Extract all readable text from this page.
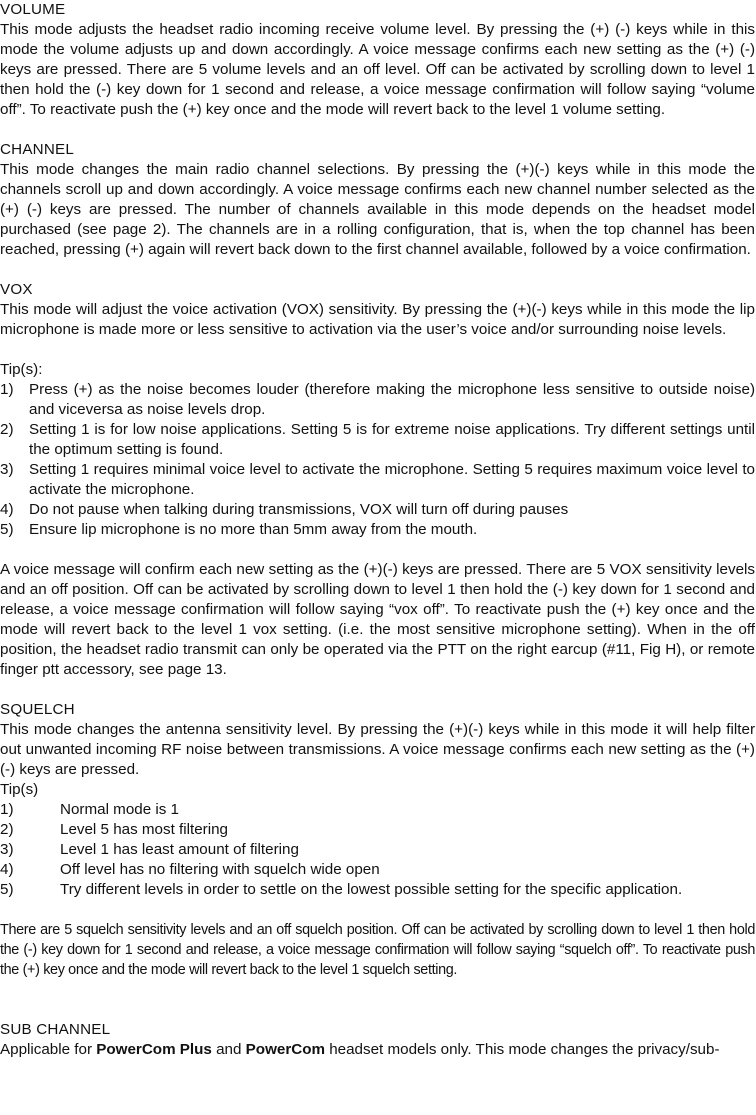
VOLUME

This mode adjusts the headset radio incoming receive volume level. By pressing the (+) (-) keys while in this mode the volume adjusts up and down accordingly. A voice message confirms each new setting as the (+) (-) keys are pressed. There are 5 volume levels and an off level. Off can be activated by scrolling down to level 1 then hold the (-) key down for 1 second and release, a voice message confirmation will follow saying “volume off”. To reactivate push the (+) key once and the mode will revert back to the level 1 volume setting.

CHANNEL

This mode changes the main radio channel selections. By pressing the (+)(-) keys while in this mode the channels scroll up and down accordingly. A voice message confirms each new channel number selected as the (+) (-) keys are pressed. The number of channels available in this mode depends on the headset model purchased (see page 2). The channels are in a rolling configuration, that is, when the top channel has been reached, pressing (+) again will revert back down to the first channel available, followed by a voice confirmation.

VOX

This mode will adjust the voice activation (VOX) sensitivity. By pressing the (+)(-) keys while in this mode the lip microphone is made more or less sensitive to activation via the user’s voice and/or surrounding noise levels.

Tip(s):
1) Press (+) as the noise becomes louder (therefore making the microphone less sensitive to outside noise) and viceversa as noise levels drop.
2) Setting 1 is for low noise applications. Setting 5 is for extreme noise applications. Try different settings until the optimum setting is found.
3) Setting 1 requires minimal voice level to activate the microphone. Setting 5 requires maximum voice level to activate the microphone.
4) Do not pause when talking during transmissions, VOX will turn off during pauses
5) Ensure lip microphone is no more than 5mm away from the mouth.

A voice message will confirm each new setting as the (+)(-) keys are pressed. There are 5 VOX sensitivity levels and an off position. Off can be activated by scrolling down to level 1 then hold the (-) key down for 1 second and release, a voice message confirmation will follow saying “vox off”. To reactivate push the (+) key once and the mode will revert back to the level 1 vox setting. (i.e. the most sensitive microphone setting). When in the off position, the headset radio transmit can only be operated via the PTT on the right earcup (#11, Fig H), or remote finger ptt accessory, see page 13.

SQUELCH

This mode changes the antenna sensitivity level. By pressing the (+)(-) keys while in this mode it will help filter out unwanted incoming RF noise between transmissions. A voice message confirms each new setting as the (+)(-) keys are pressed.

Tip(s)
1)	Normal mode is 1
2)	Level 5 has most filtering
3)	Level 1 has least amount of filtering
4)	Off level has no filtering with squelch wide open
5)	Try different levels in order to settle on the lowest possible setting for the specific application.

There are 5 squelch sensitivity levels and an off squelch position. Off can be activated by scrolling down to level 1 then hold the (-) key down for 1 second and release, a voice message confirmation will follow saying “squelch off”. To reactivate push the (+) key once and the mode will revert back to the level 1 squelch setting.

SUB CHANNEL

Applicable for PowerCom Plus and PowerCom headset models only. This mode changes the privacy/sub-
